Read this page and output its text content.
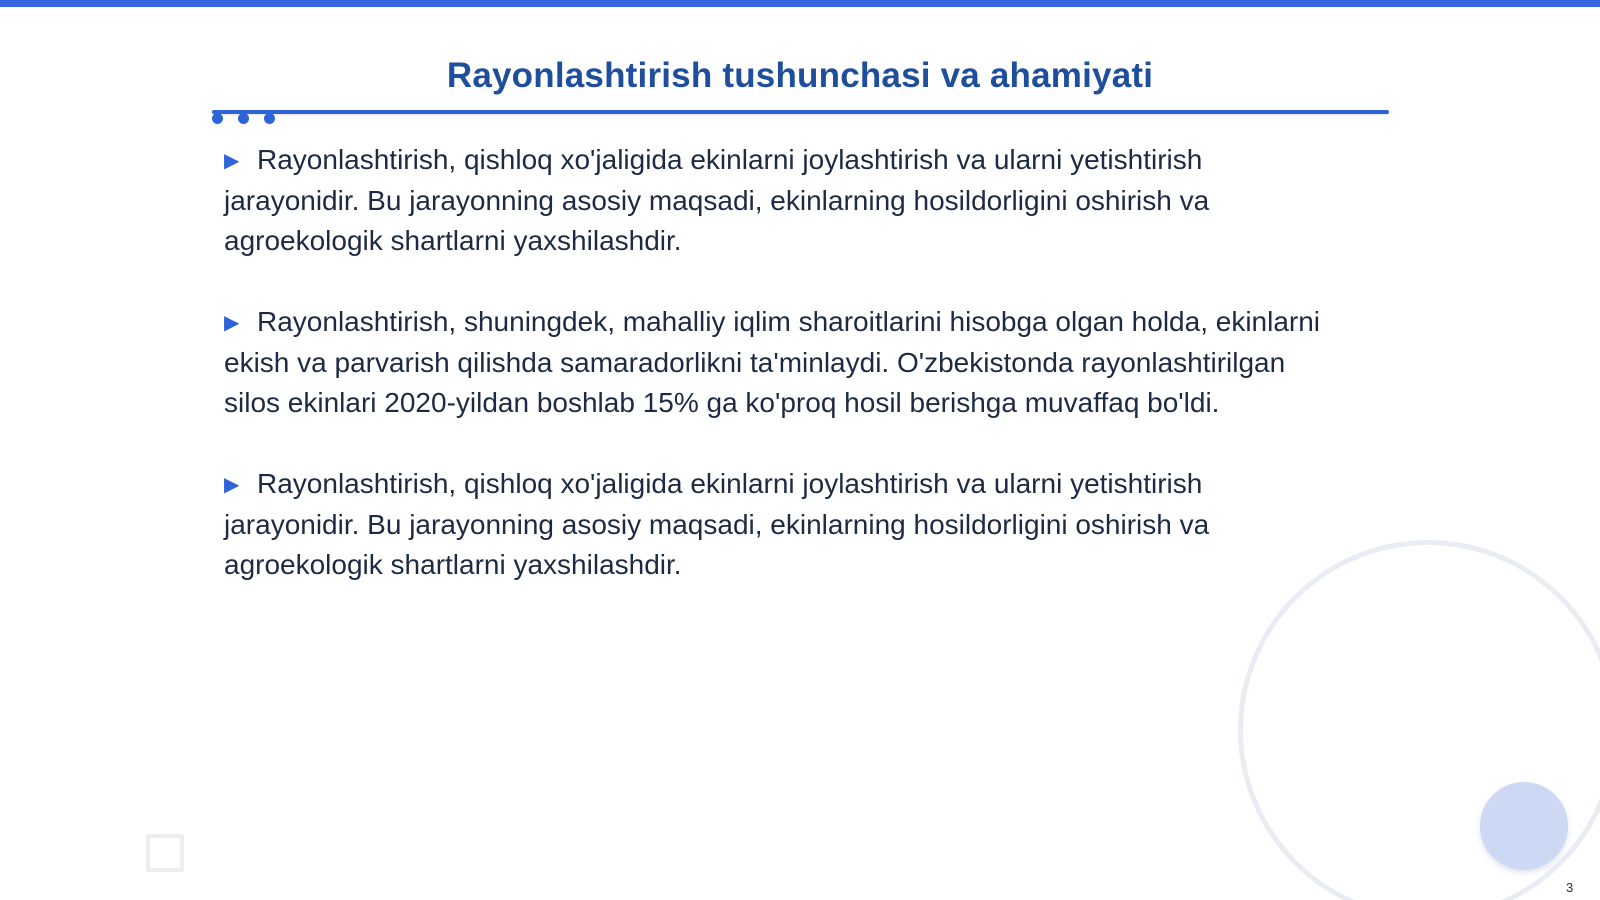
Rayonlashtirish tushunchasi va ahamiyati

▶ Rayonlashtirish, qishloq xo'jaligida ekinlarni joylashtirish va ularni yetishtirish jarayonidir. Bu jarayonning asosiy maqsadi, ekinlarning hosildorligini oshirish va agroekologik shartlarni yaxshilashdir.

▶ Rayonlashtirish, shuningdek, mahalliy iqlim sharoitlarini hisobga olgan holda, ekinlarni ekish va parvarish qilishda samaradorlikni ta'minlaydi. O'zbekistonda rayonlashtirilgan silos ekinlari 2020-yildan boshlab 15% ga ko'proq hosil berishga muvaffaq bo'ldi.

▶ Rayonlashtirish, qishloq xo'jaligida ekinlarni joylashtirish va ularni yetishtirish jarayonidir. Bu jarayonning asosiy maqsadi, ekinlarning hosildorligini oshirish va agroekologik shartlarni yaxshilashdir.

3
